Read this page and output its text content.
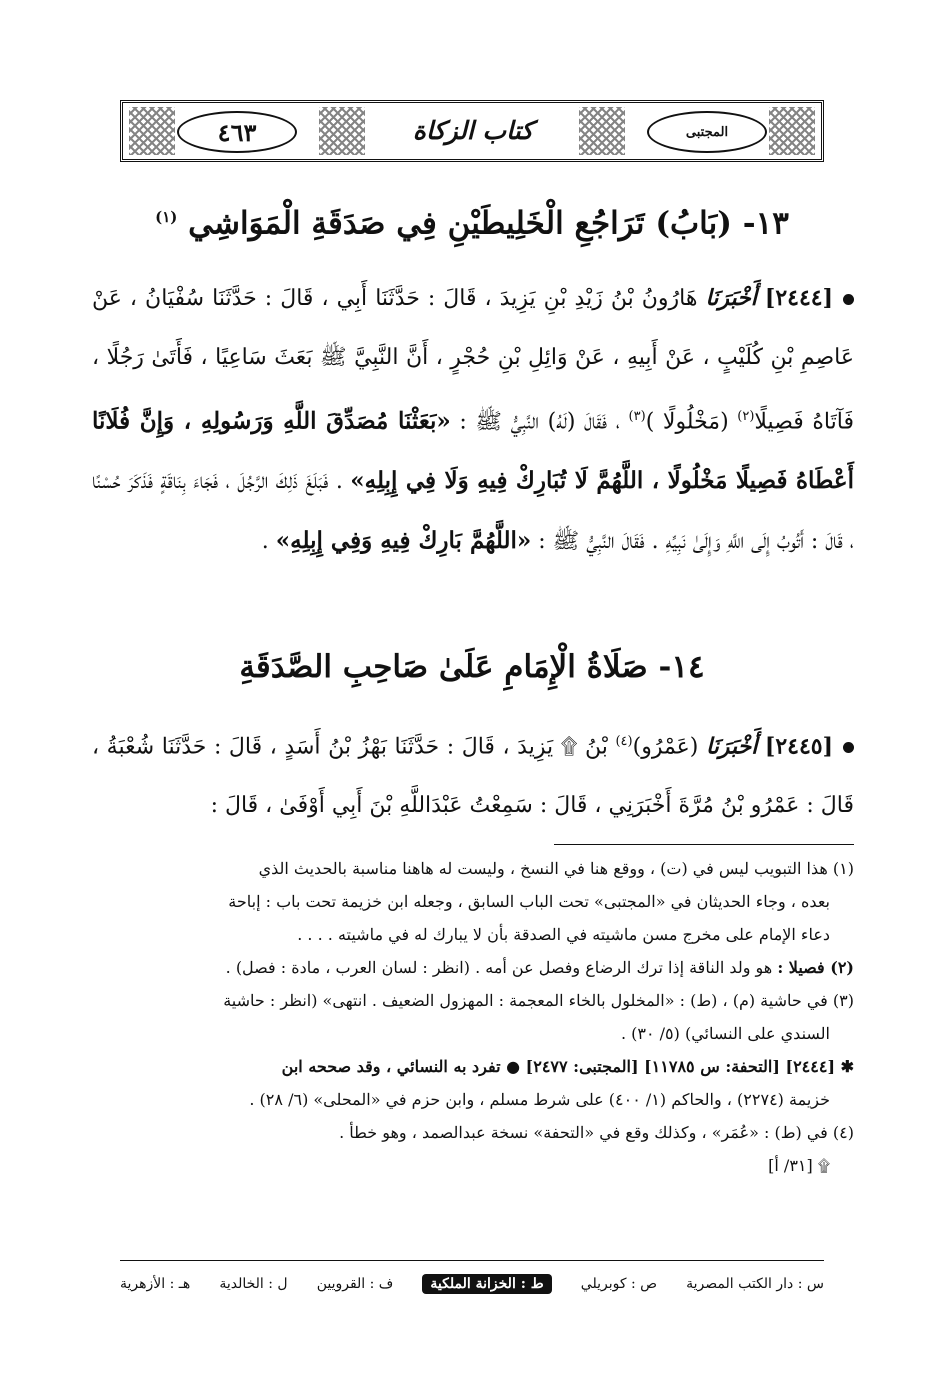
المجتبى
كتاب الزكاة
٤٦٣
١٣- (بَابُ) تَرَاجُعِ الْخَلِيطَيْنِ فِي صَدَقَةِ الْمَوَاشِي $^{(١)}$
[٢٤٤٤] أَخْبَرَنَا هَارُونُ بْنُ زَيْدِ بْنِ يَزِيدَ ، قَالَ : حَدَّثَنَا أَبِي ، قَالَ : حَدَّثَنَا سُفْيَانُ ، عَنْ عَاصِمِ بْنِ كُلَيْبٍ ، عَنْ أَبِيهِ ، عَنْ وَائِلِ بْنِ حُجْرٍ ، أَنَّ النَّبِيَّ ﷺ بَعَثَ سَاعِيًا ، فَأَتَىٰ رَجُلًا ، فَآتَاهُ فَصِيلًا$^{(٢)}$ (مَخْلُولًا )$^{(٣)}$ ، فَقَالَ (لَهُ) النَّبِيُّ ﷺ : «بَعَثْنَا مُصَدِّقَ اللَّهِ وَرَسُولِهِ ، وَإِنَّ فُلَانًا أَعْطَاهُ فَصِيلًا مَخْلُولًا ، اللَّهُمَّ لَا تُبَارِكْ فِيهِ وَلَا فِي إِبِلِهِ» . فَبَلَغَ ذَلِكَ الرَّجُلَ ، فَجَاءَ بِنَاقَةٍ فَذَكَرَ حُسْنًا ، قَالَ : أَتُوبُ إِلَى اللَّهِ وَإِلَىٰ نَبِيِّهِ . فَقَالَ النَّبِيُّ ﷺ : «اللَّهُمَّ بَارِكْ فِيهِ وَفِي إِبِلِهِ» .
١٤- صَلَاةُ الْإِمَامِ عَلَىٰ صَاحِبِ الصَّدَقَةِ
[٢٤٤٥] أَخْبَرَنَا (عَمْرُو)$^{(٤)}$ بْنُ ۩ يَزِيدَ ، قَالَ : حَدَّثَنَا بَهْزُ بْنُ أَسَدٍ ، قَالَ : حَدَّثَنَا شُعْبَةُ ، قَالَ : عَمْرُو بْنُ مُرَّةَ أَخْبَرَنِي ، قَالَ : سَمِعْتُ عَبْدَاللَّهِ بْنَ أَبِي أَوْفَىٰ ، قَالَ :

(١) هذا التبويب ليس في (ت) ، ووقع هنا في النسخ ، وليست له هاهنا مناسبة بالحديث الذي

بعده ، وجاء الحديثان في «المجتبى» تحت الباب السابق ، وجعله ابن خزيمة تحت باب : إباحة

دعاء الإمام على مخرج مسن ماشيته في الصدقة بأن لا يبارك له في ماشيته . . . .

(٢) فصيلا : هو ولد الناقة إذا ترك الرضاع وفصل عن أمه . (انظر : لسان العرب ، مادة : فصل) .

(٣) في حاشية (م) ، (ط) : «المخلول بالخاء المعجمة : المهزول الضعيف . انتهى» (انظر : حاشية

السندي على النسائي) (٥/ ٣٠) .

✱ [٢٤٤٤] [التحفة: س ١١٧٨٥] [المجتبى: ٢٤٧٧] ● تفرد به النسائي ، وقد صححه ابن

خزيمة (٢٢٧٤) ، والحاكم (١/ ٤٠٠) على شرط مسلم ، وابن حزم في «المحلى» (٦/ ٢٨) .

(٤) في (ط) : «عُمَر» ، وكذلك وقع في «التحفة» نسخة عبدالصمد ، وهو خطأ .

۩ [٣١/ أ]

س : دار الكتب المصرية
ص : كوبريلي
ط : الخزانة الملكية
ف : القرويين
ل : الخالدية
هـ : الأزهرية
